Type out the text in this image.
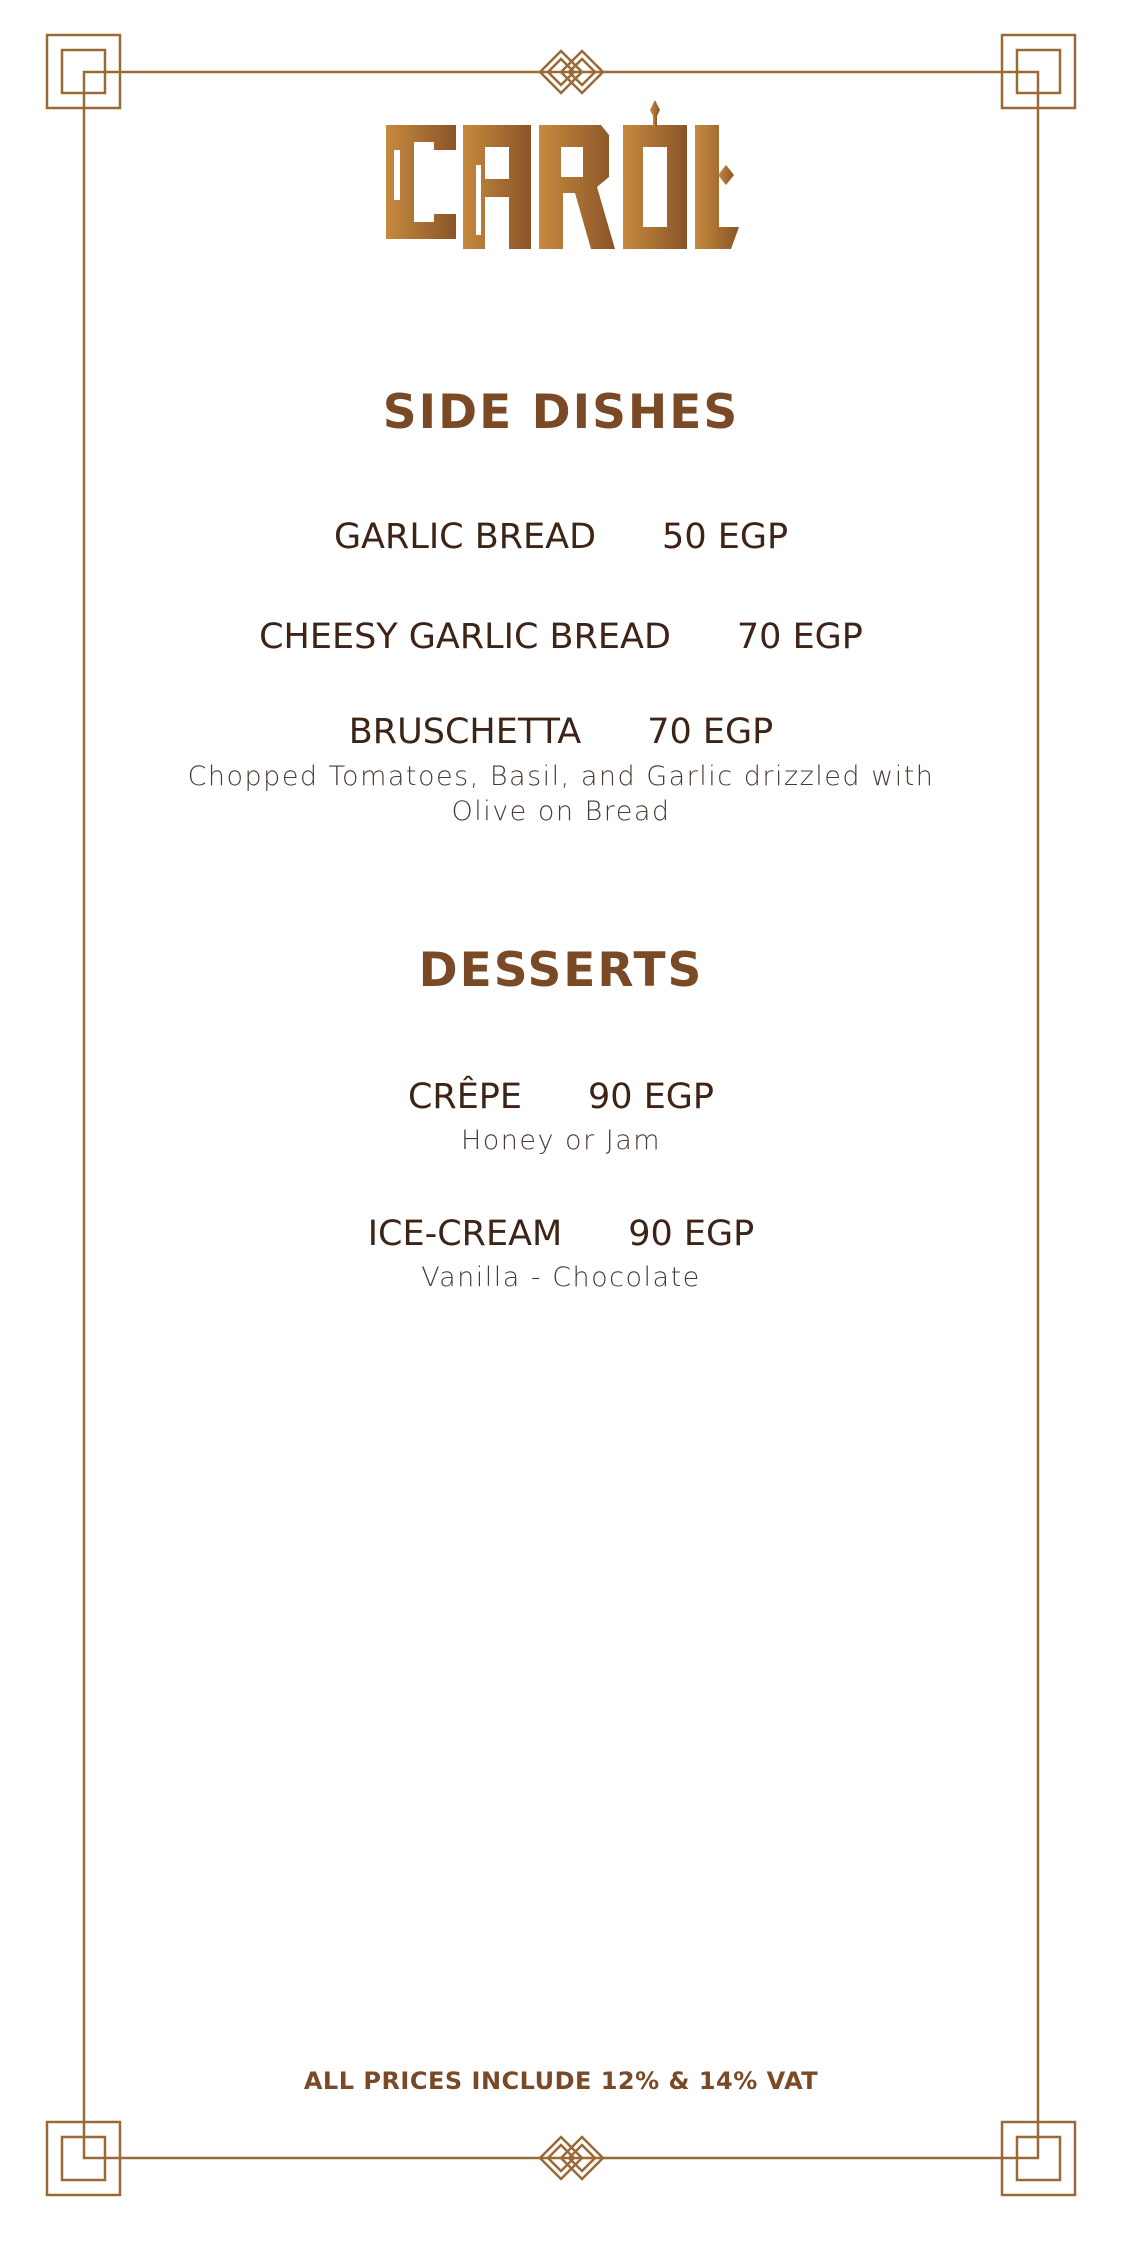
SIDE DISHES
GARLIC BREAD 50 EGP
CHEESY GARLIC BREAD 70 EGP
BRUSCHETTA 70 EGP
Chopped Tomatoes, Basil, and Garlic drizzled with
Olive on Bread
DESSERTS
CRÊPE 90 EGP
Honey or Jam
ICE-CREAM 90 EGP
Vanilla - Chocolate
ALL PRICES INCLUDE 12% & 14% VAT
